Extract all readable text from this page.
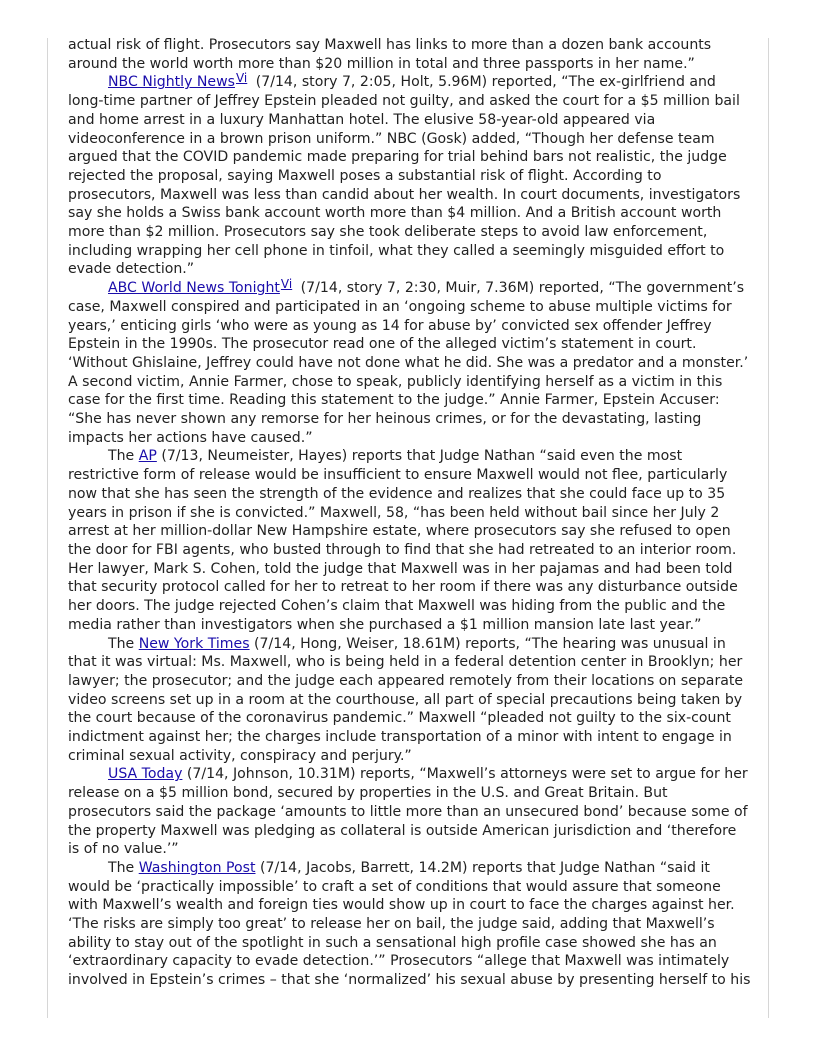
actual risk of flight. Prosecutors say Maxwell has links to more than a dozen bank accounts around the world worth more than $20 million in total and three passports in her name.”

NBC Nightly NewsVi (7/14, story 7, 2:05, Holt, 5.96M) reported, “The ex-girlfriend and long-time partner of Jeffrey Epstein pleaded not guilty, and asked the court for a $5 million bail and home arrest in a luxury Manhattan hotel. The elusive 58-year-old appeared via videoconference in a brown prison uniform.” NBC (Gosk) added, “Though her defense team argued that the COVID pandemic made preparing for trial behind bars not realistic, the judge rejected the proposal, saying Maxwell poses a substantial risk of flight. According to prosecutors, Maxwell was less than candid about her wealth. In court documents, investigators say she holds a Swiss bank account worth more than $4 million. And a British account worth more than $2 million. Prosecutors say she took deliberate steps to avoid law enforcement, including wrapping her cell phone in tinfoil, what they called a seemingly misguided effort to evade detection.”

ABC World News TonightVi (7/14, story 7, 2:30, Muir, 7.36M) reported, “The government’s case, Maxwell conspired and participated in an ‘ongoing scheme to abuse multiple victims for years,’ enticing girls ‘who were as young as 14 for abuse by’ convicted sex offender Jeffrey Epstein in the 1990s. The prosecutor read one of the alleged victim’s statement in court. ‘Without Ghislaine, Jeffrey could have not done what he did. She was a predator and a monster.’ A second victim, Annie Farmer, chose to speak, publicly identifying herself as a victim in this case for the first time. Reading this statement to the judge.” Annie Farmer, Epstein Accuser: “She has never shown any remorse for her heinous crimes, or for the devastating, lasting impacts her actions have caused.”

The AP (7/13, Neumeister, Hayes) reports that Judge Nathan “said even the most restrictive form of release would be insufficient to ensure Maxwell would not flee, particularly now that she has seen the strength of the evidence and realizes that she could face up to 35 years in prison if she is convicted.” Maxwell, 58, “has been held without bail since her July 2 arrest at her million-dollar New Hampshire estate, where prosecutors say she refused to open the door for FBI agents, who busted through to find that she had retreated to an interior room. Her lawyer, Mark S. Cohen, told the judge that Maxwell was in her pajamas and had been told that security protocol called for her to retreat to her room if there was any disturbance outside her doors. The judge rejected Cohen’s claim that Maxwell was hiding from the public and the media rather than investigators when she purchased a $1 million mansion late last year.”

The New York Times (7/14, Hong, Weiser, 18.61M) reports, “The hearing was unusual in that it was virtual: Ms. Maxwell, who is being held in a federal detention center in Brooklyn; her lawyer; the prosecutor; and the judge each appeared remotely from their locations on separate video screens set up in a room at the courthouse, all part of special precautions being taken by the court because of the coronavirus pandemic.” Maxwell “pleaded not guilty to the six-count indictment against her; the charges include transportation of a minor with intent to engage in criminal sexual activity, conspiracy and perjury.”

USA Today (7/14, Johnson, 10.31M) reports, “Maxwell’s attorneys were set to argue for her release on a $5 million bond, secured by properties in the U.S. and Great Britain. But prosecutors said the package ‘amounts to little more than an unsecured bond’ because some of the property Maxwell was pledging as collateral is outside American jurisdiction and ‘therefore is of no value.’”

The Washington Post (7/14, Jacobs, Barrett, 14.2M) reports that Judge Nathan “said it would be ‘practically impossible’ to craft a set of conditions that would assure that someone with Maxwell’s wealth and foreign ties would show up in court to face the charges against her. ‘The risks are simply too great’ to release her on bail, the judge said, adding that Maxwell’s ability to stay out of the spotlight in such a sensational high profile case showed she has an ‘extraordinary capacity to evade detection.’” Prosecutors “allege that Maxwell was intimately involved in Epstein’s crimes – that she ‘normalized’ his sexual abuse by presenting herself to his
